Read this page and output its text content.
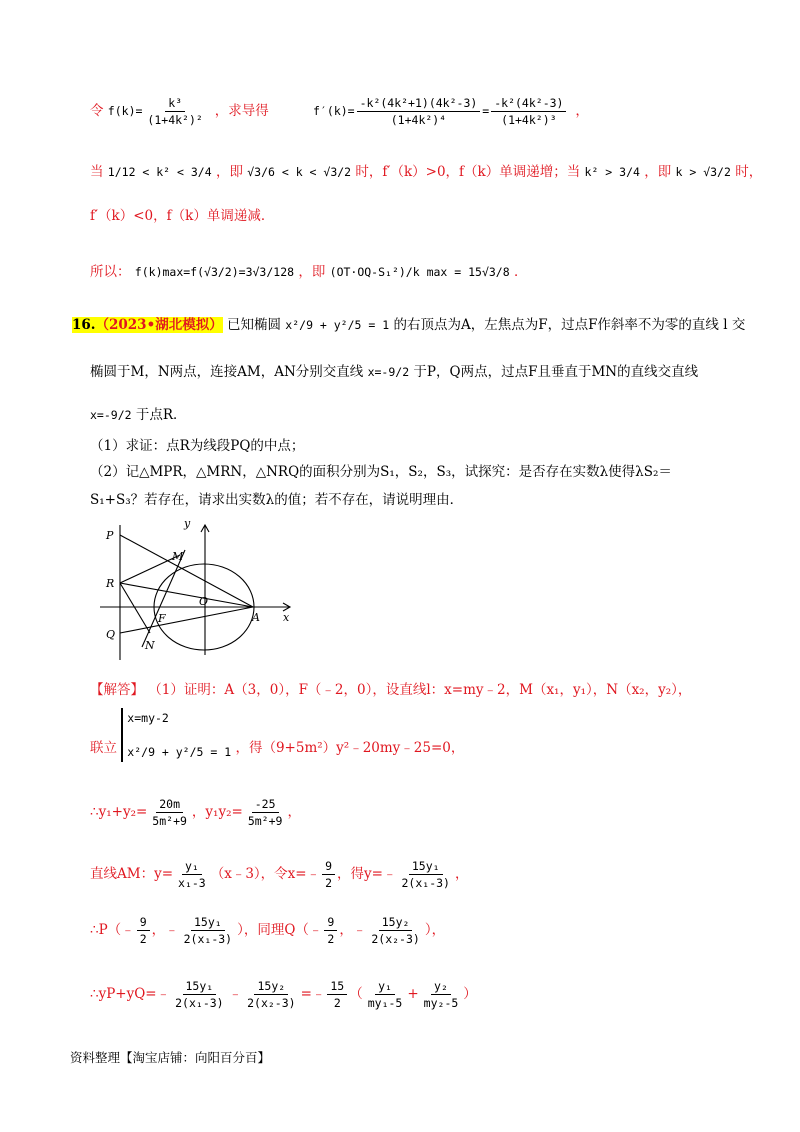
令 $f(k)= \frac{\text{k³}}{\text{(1+4k²)²}}$ ，求导得	$f'(k)= \frac{\text{-k²(4k²+1)(4k²-3)}}{\text{(1+4k²)⁴}} = \frac{\text{-k²(4k²-3)}}{\text{(1+4k²)³}}$ ，
当 1/12 < k² < 3/4 ，即 √3/6 < k < √3/2 时，f′（k）>0，f（k）单调递增；当 k² > 3/4 ，即 k > √3/2 时，
f′（k）<0，f（k）单调递减．
所以： f(k)max=f(√3/2)=3√3/128 ，即 (OT·OQ-S₁²)/k max = 15√3/8 ．
16.（2023•湖北模拟） 已知椭圆 x²/9 + y²/5 = 1 的右顶点为A，左焦点为F，过点F作斜率不为零的直线 l 交
椭圆于M，N两点，连接AM，AN分别交直线 x=-9/2 于P，Q两点，过点F且垂直于MN的直线交直线
x=-9/2 于点R．
（1）求证：点R为线段PQ的中点；
（2）记△MPR，△MRN，△NRQ的面积分别为S₁，S₂，S₃，试探究：是否存在实数λ使得λS₂＝
S₁+S₃？若存在，请求出实数λ的值；若不存在，请说明理由．
P
M
R
F
O
A
Q
N
x
y
【解答】 （1）证明：A（3，0），F（﹣2，0），设直线l：x=my﹣2，M（x₁，y₁），N（x₂，y₂），
联立
x=my-2
x²/9 + y²/5 = 1 ，得（9+5m²）y²﹣20my﹣25=0，
∴y₁+y₂= $\frac{20m}{\text{5m²+9}}$ ，$y_1y_2= \frac{-25}{\text{5m²+9}}$ ，
直线AM：$y= \frac{\text{y₁}}{\text{x₁-3}}$ （x﹣3），令x=﹣ $\frac{9}{2}$ ，得y=﹣ $\frac{\text{15y₁}}{\text{2(x₁-3)}}$ ，
∴P（﹣ $\frac{9}{2}$ ，﹣ $\frac{\text{15y₁}}{\text{2(x₁-3)}}$ ），同理Q（﹣ $\frac{9}{2}$ ，﹣ $\frac{\text{15y₂}}{\text{2(x₂-3)}}$ ），
∴yP+yQ=﹣ $\frac{\text{15y₁}}{\text{2(x₁-3)}}$ ﹣ $\frac{\text{15y₂}}{\text{2(x₂-3)}}$ =﹣ $\frac{15}{2}$ （ $\frac{\text{y₁}}{\text{my₁-5}} + \frac{\text{y₂}}{\text{my₂-5}}$ ）
资料整理【淘宝店铺：向阳百分百】
